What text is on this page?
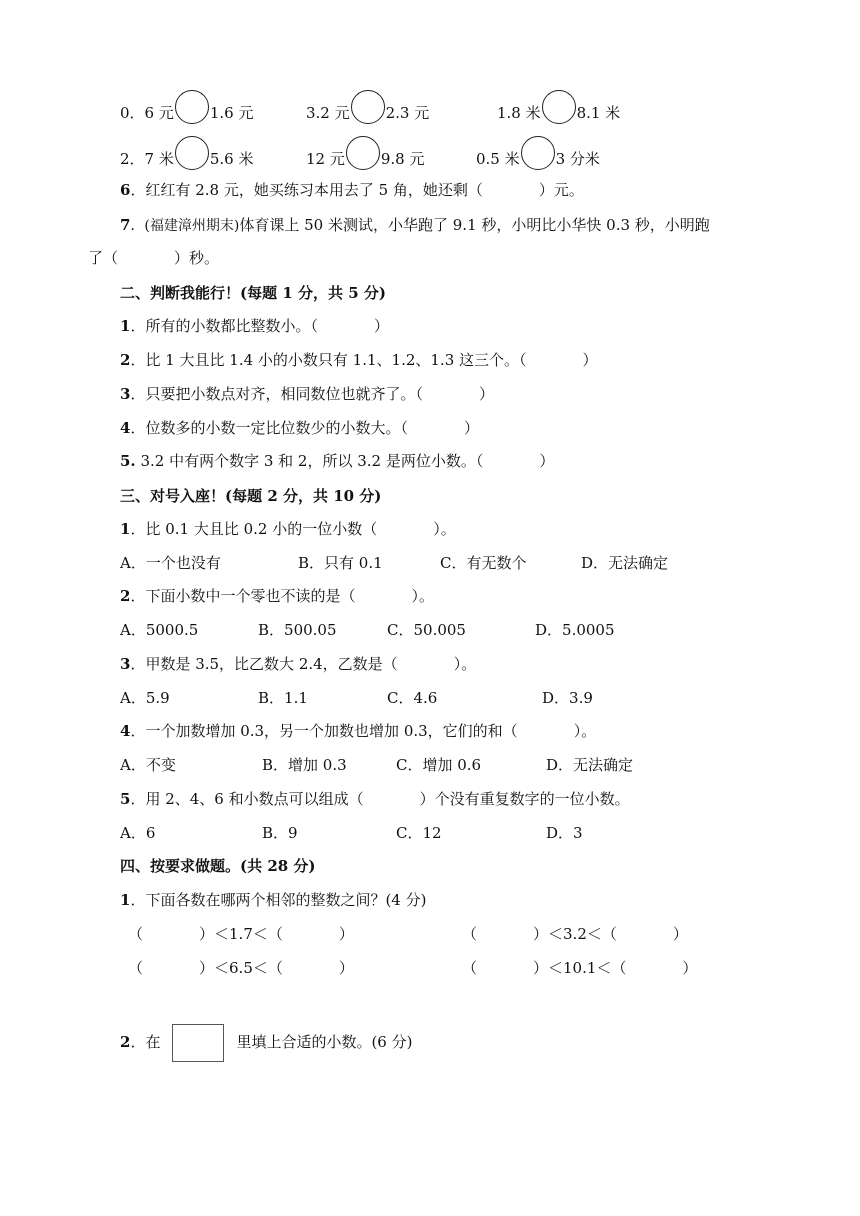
0．6 元 1.6 元	3.2 元 2.3 元	1.8 米 8.1 米
2．7 米 5.6 米	12 元 9.8 元	0.5 米 3 分米
6．红红有 2.8 元，她买练习本用去了 5 角，她还剩（	）元。
7．(福建漳州期末)体育课上 50 米测试，小华跑了 9.1 秒，小明比小华快 0.3 秒，小明跑
了（	）秒。
二、判断我能行！(每题 1 分，共 5 分)
1．所有的小数都比整数小。（	）
2．比 1 大且比 1.4 小的小数只有 1.1、1.2、1.3 这三个。（	）
3．只要把小数点对齐，相同数位也就齐了。（	）
4．位数多的小数一定比位数少的小数大。（	）
5. 3.2 中有两个数字 3 和 2，所以 3.2 是两位小数。（	）
三、对号入座！(每题 2 分，共 10 分)
1．比 0.1 大且比 0.2 小的一位小数（	）。
A．一个也没有	B．只有 0.1	C．有无数个	D．无法确定
2．下面小数中一个零也不读的是（	）。
A．5000.5	B．500.05	C．50.005	D．5.0005
3．甲数是 3.5，比乙数大 2.4，乙数是（	）。
A．5.9	B．1.1	C．4.6	D．3.9
4．一个加数增加 0.3，另一个加数也增加 0.3，它们的和（	）。
A．不变	B．增加 0.3	C．增加 0.6	D．无法确定
5．用 2、4、6 和小数点可以组成（	）个没有重复数字的一位小数。
A．6	B．9	C．12	D．3
四、按要求做题。(共 28 分)
1．下面各数在哪两个相邻的整数之间？(4 分)
（	）＜1.7＜（	）	（	）＜3.2＜（	）
（	）＜6.5＜（	）	（	）＜10.1＜（	）
2．在	里填上合适的小数。(6 分)
